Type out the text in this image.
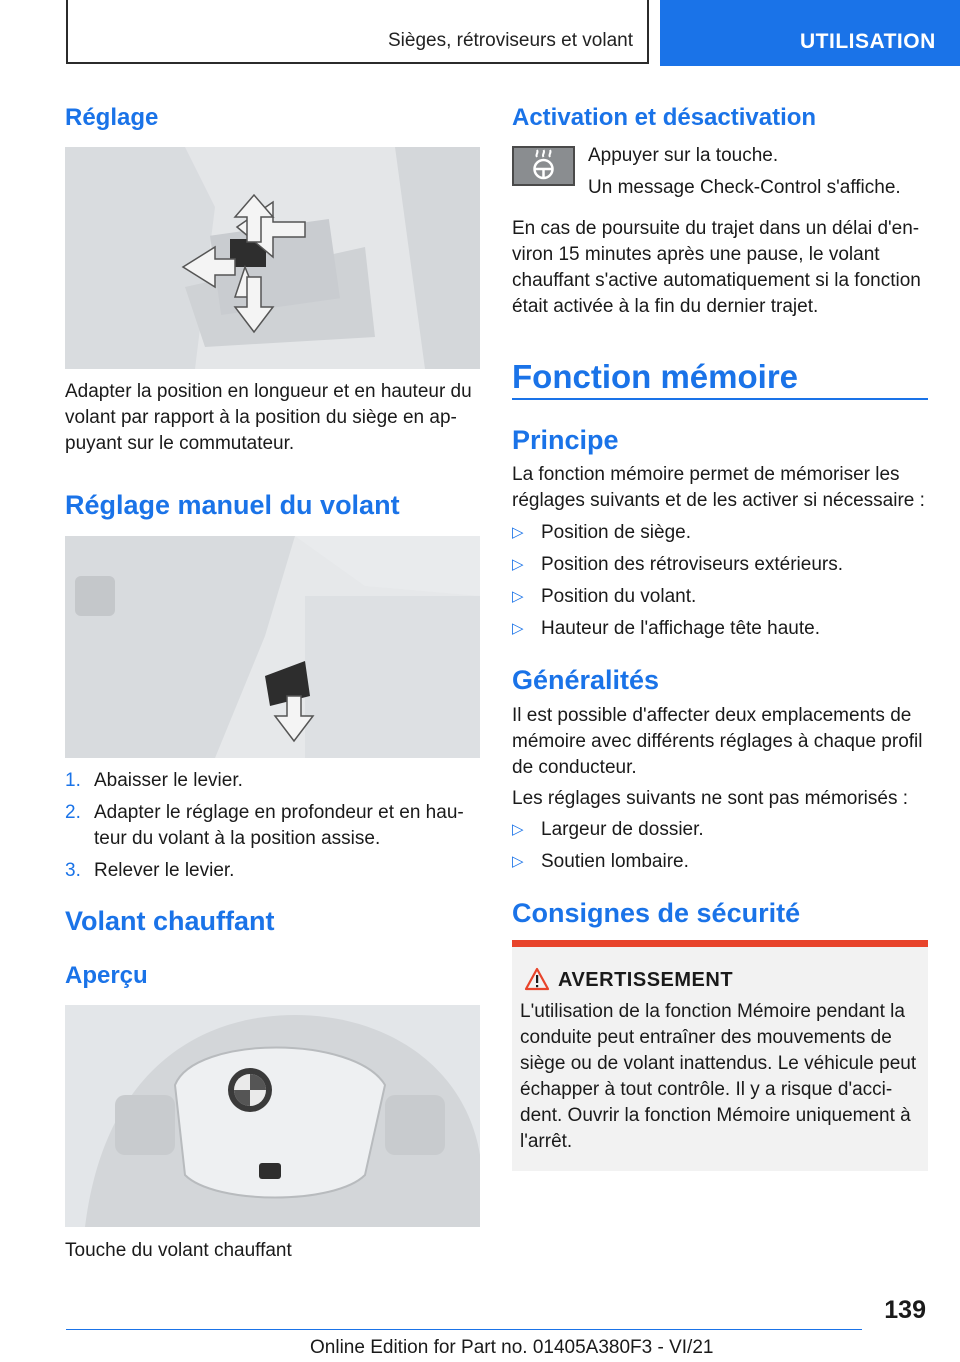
Sièges, rétroviseurs et volant	UTILISATION
Réglage
Adapter la position en longueur et en hauteur du volant par rapport à la position du siège en ap-puyant sur le commutateur.
Réglage manuel du volant
1. Abaisser le levier.
2. Adapter le réglage en profondeur et en hau-
teur du volant à la position assise.
3. Relever le levier.
Volant chauffant
Aperçu
Touche du volant chauffant
Activation et désactivation
Appuyer sur la touche.
Un message Check-Control s'affiche.
En cas de poursuite du trajet dans un délai d'en-viron 15 minutes après une pause, le volant chauffant s'active automatiquement si la fonction était activée à la fin du dernier trajet.
Fonction mémoire
Principe
La fonction mémoire permet de mémoriser les réglages suivants et de les activer si nécessaire :
▷ Position de siège.
▷ Position des rétroviseurs extérieurs.
▷ Position du volant.
▷ Hauteur de l'affichage tête haute.
Généralités
Il est possible d'affecter deux emplacements de mémoire avec différents réglages à chaque profil de conducteur.
Les réglages suivants ne sont pas mémorisés :
▷ Largeur de dossier.
▷ Soutien lombaire.
Consignes de sécurité
AVERTISSEMENT
L'utilisation de la fonction Mémoire pendant la conduite peut entraîner des mouvements de siège ou de volant inattendus. Le véhicule peut échapper à tout contrôle. Il y a risque d'acci-dent. Ouvrir la fonction Mémoire uniquement à l'arrêt.
139
Online Edition for Part no. 01405A380F3 - VI/21
